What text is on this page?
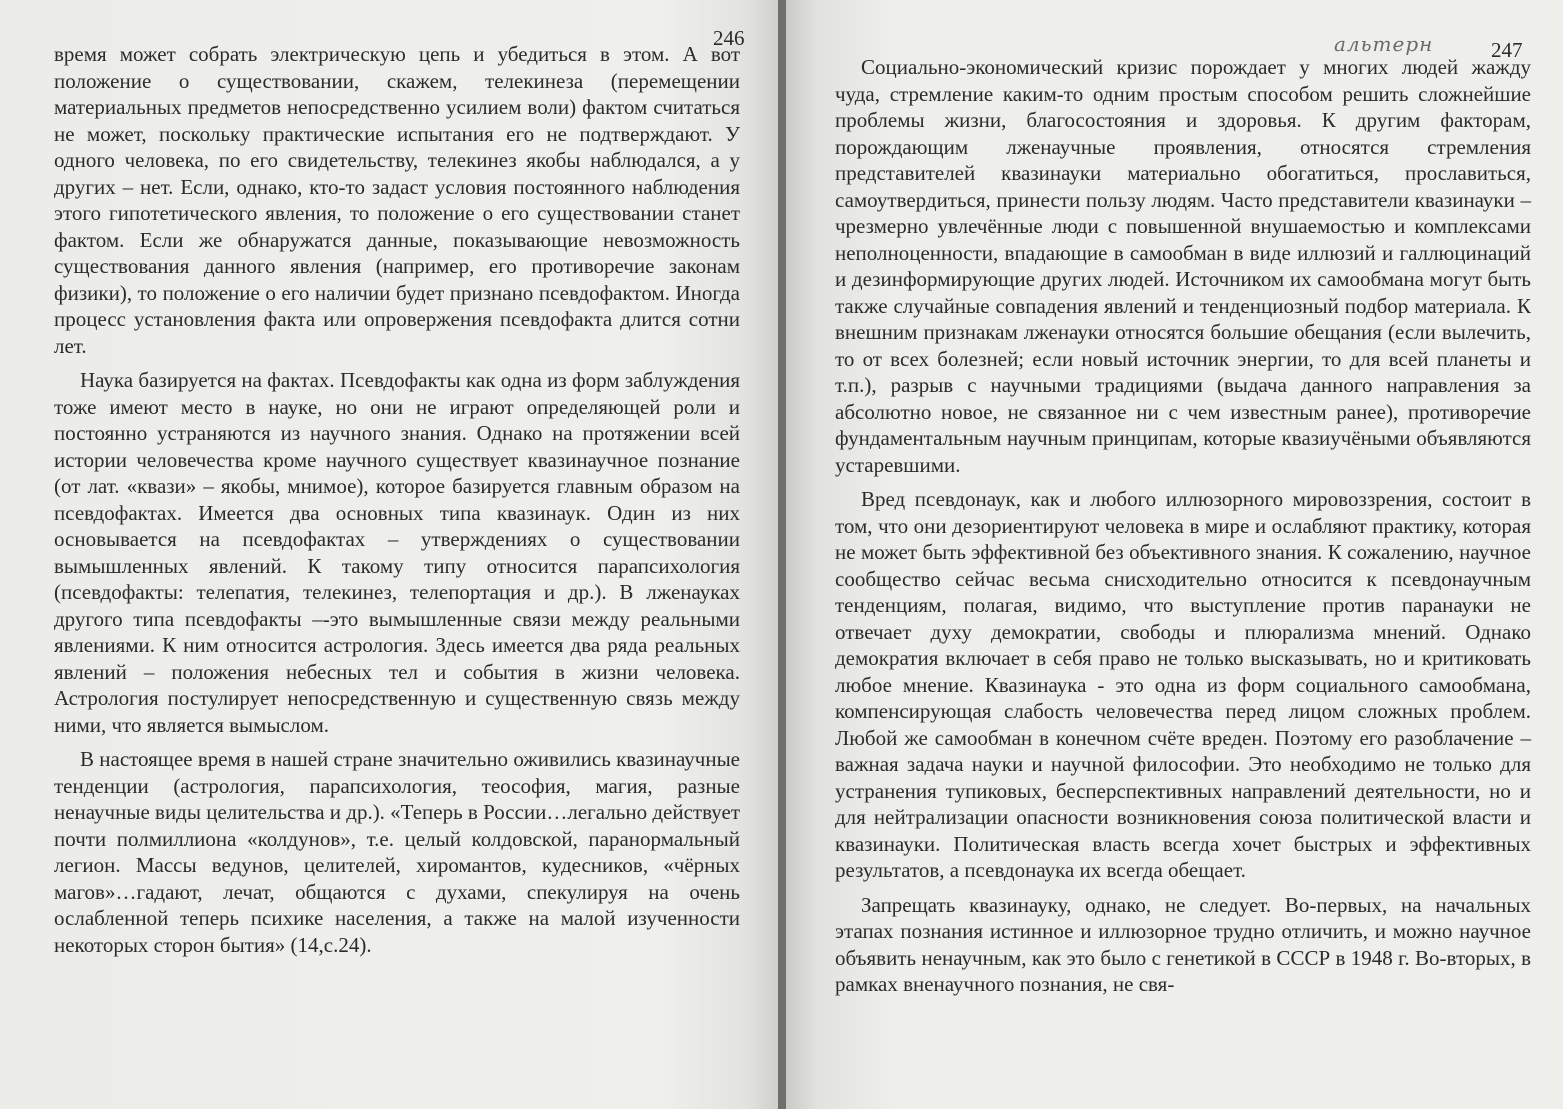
246

время может собрать электрическую цепь и убедиться в этом. А вот положение о существовании, скажем, телекинеза (перемещении материальных предметов непосредственно усилием воли) фактом считаться не может, поскольку практические испытания его не подтверждают. У одного человека, по его свидетельству, телекинез якобы наблюдался, а у других – нет. Если, однако, кто-то задаст условия постоянного наблюдения этого гипотетического явления, то положение о его существовании станет фактом. Если же обнаружатся данные, показывающие невозможность существования данного явления (например, его противоречие законам физики), то положение о его наличии будет признано псевдофактом. Иногда процесс установления факта или опровержения псевдофакта длится сотни лет.

Наука базируется на фактах. Псевдофакты как одна из форм заблуждения тоже имеют место в науке, но они не играют определяющей роли и постоянно устраняются из научного знания. Однако на протяжении всей истории человечества кроме научного существует квазинаучное познание (от лат. «квази» – якобы, мнимое), которое базируется главным образом на псевдофактах. Имеется два основных типа квазинаук. Один из них основывается на псевдофактах – утверждениях о существовании вымышленных явлений. К такому типу относится парапсихология (псевдофакты: телепатия, телекинез, телепортация и др.). В лженауках другого типа псевдофакты –-это вымышленные связи между реальными явлениями. К ним относится астрология. Здесь имеется два ряда реальных явлений – положения небесных тел и события в жизни человека. Астрология постулирует непосредственную и существенную связь между ними, что является вымыслом.

В настоящее время в нашей стране значительно оживились квазинаучные тенденции (астрология, парапсихология, теософия, магия, разные ненаучные виды целительства и др.). «Теперь в России…легально действует почти полмиллиона «колдунов», т.е. целый колдовской, паранормальный легион. Массы ведунов, целителей, хиромантов, кудесников, «чёрных магов»…гадают, лечат, общаются с духами, спекулируя на очень ослабленной теперь психике населения, а также на малой изученности некоторых сторон бытия» (14,с.24).

альтерн	247

Социально-экономический кризис порождает у многих людей жажду чуда, стремление каким-то одним простым способом решить сложнейшие проблемы жизни, благосостояния и здоровья. К другим факторам, порождающим лженаучные проявления, относятся стремления представителей квазинауки материально обогатиться, прославиться, самоутвердиться, принести пользу людям. Часто представители квазинауки – чрезмерно увлечённые люди с повышенной внушаемостью и комплексами неполноценности, впадающие в самообман в виде иллюзий и галлюцинаций и дезинформирующие других людей. Источником их самообмана могут быть также случайные совпадения явлений и тенденциозный подбор материала. К внешним признакам лженауки относятся большие обещания (если вылечить, то от всех болезней; если новый источник энергии, то для всей планеты и т.п.), разрыв с научными традициями (выдача данного направления за абсолютно новое, не связанное ни с чем известным ранее), противоречие фундаментальным научным принципам, которые квазиучёными объявляются устаревшими.

Вред псевдонаук, как и любого иллюзорного мировоззрения, состоит в том, что они дезориентируют человека в мире и ослабляют практику, которая не может быть эффективной без объективного знания. К сожалению, научное сообщество сейчас весьма снисходительно относится к псевдонаучным тенденциям, полагая, видимо, что выступление против паранауки не отвечает духу демократии, свободы и плюрализма мнений. Однако демократия включает в себя право не только высказывать, но и критиковать любое мнение. Квазинаука - это одна из форм социального самообмана, компенсирующая слабость человечества перед лицом сложных проблем. Любой же самообман в конечном счёте вреден. Поэтому его разоблачение – важная задача науки и научной философии. Это необходимо не только для устранения тупиковых, бесперспективных направлений деятельности, но и для нейтрализации опасности возникновения союза политической власти и квазинауки. Политическая власть всегда хочет быстрых и эффективных результатов, а псевдонаука их всегда обещает.

Запрещать квазинауку, однако, не следует. Во-первых, на начальных этапах познания истинное и иллюзорное трудно отличить, и можно научное объявить ненаучным, как это было с генетикой в СССР в 1948 г. Во-вторых, в рамках вненаучного познания, не свя-
